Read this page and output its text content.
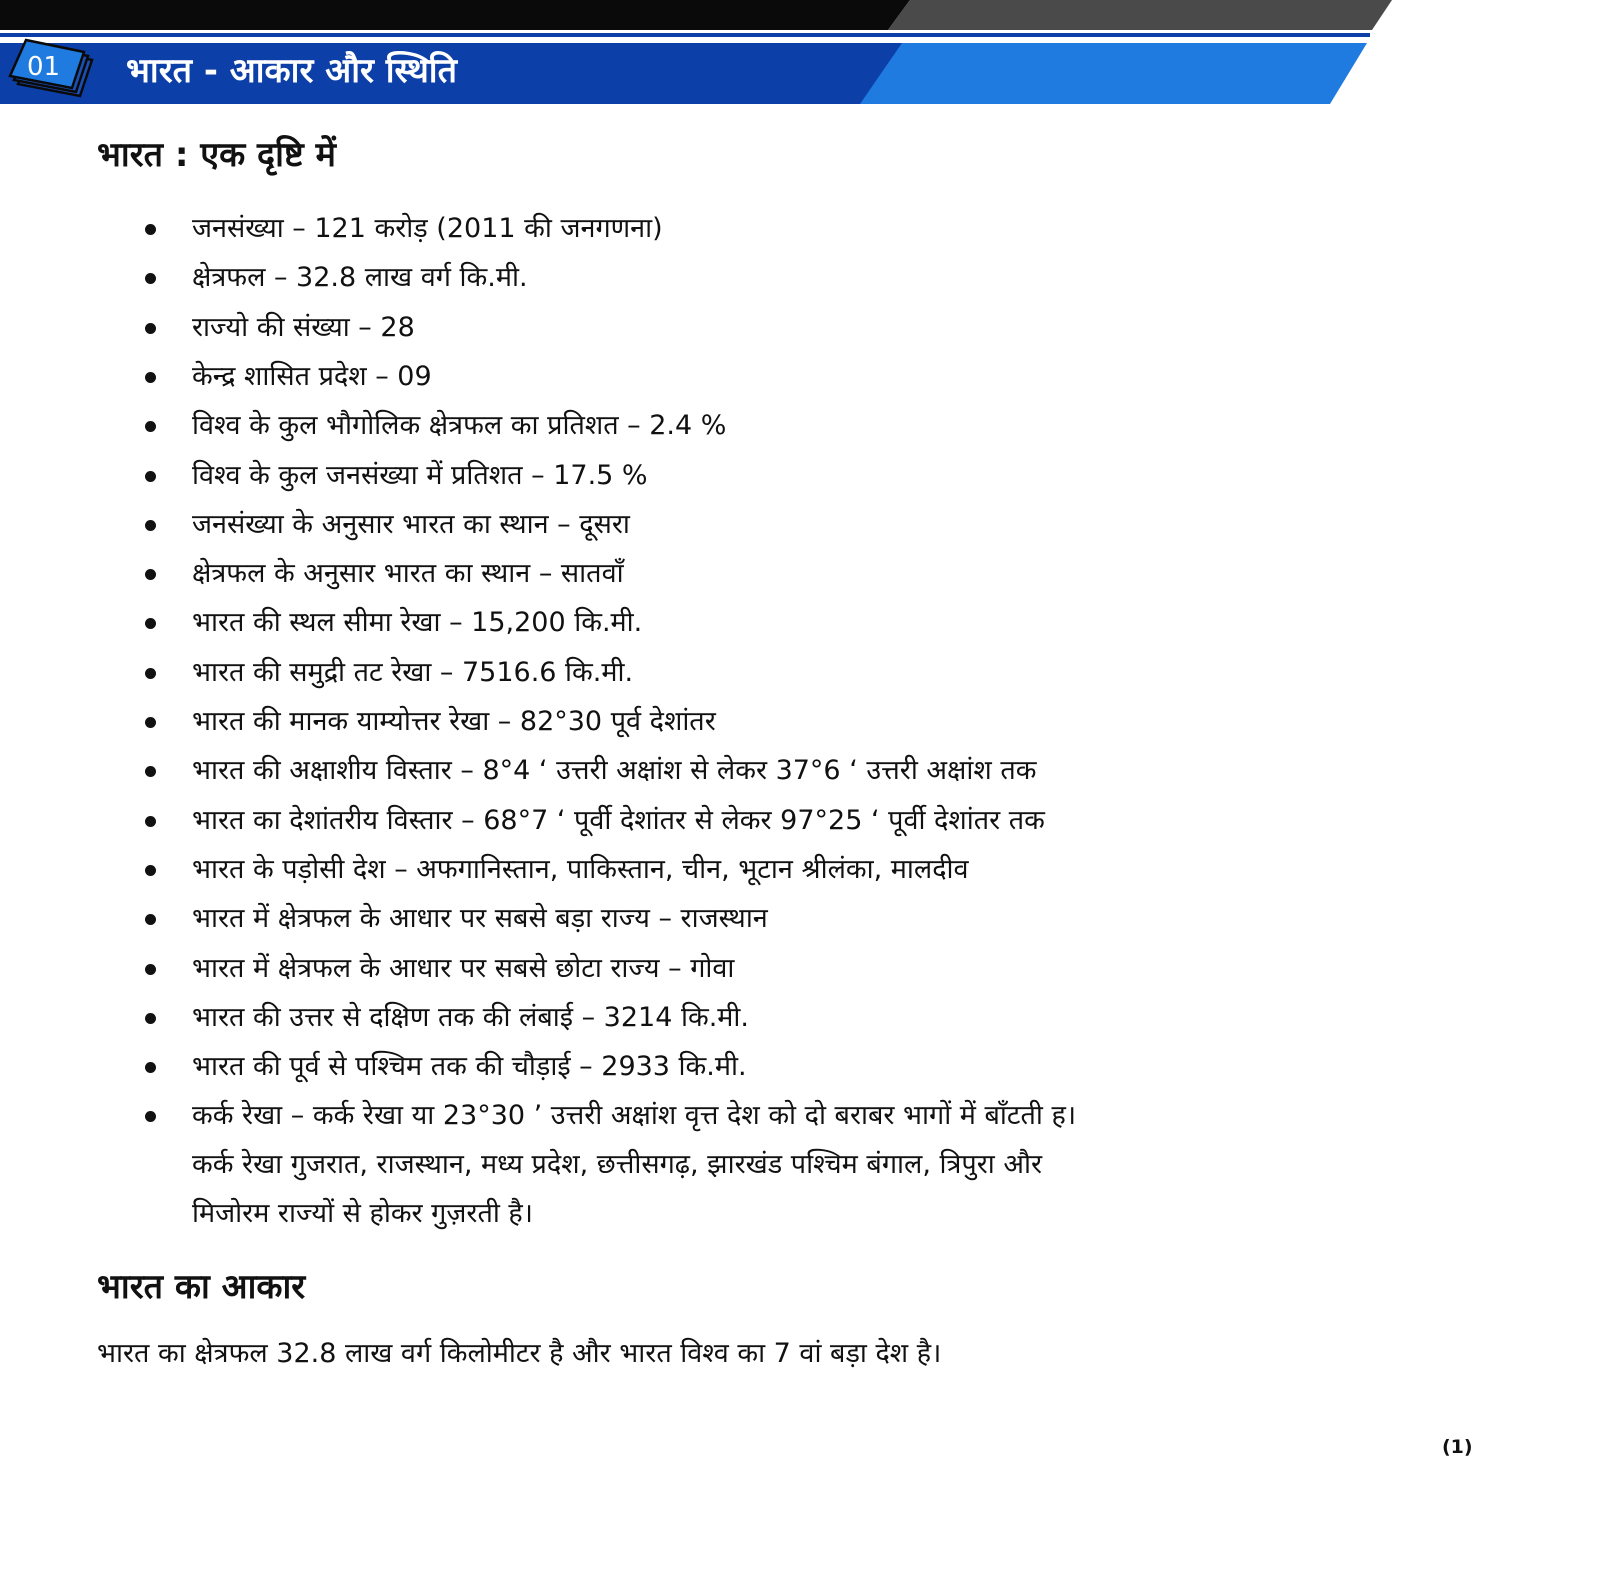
01 भारत - आकार और स्थिति
भारत : एक दृष्टि में
जनसंख्या – 121 करोड़ (2011 की जनगणना)
क्षेत्रफल – 32.8 लाख वर्ग कि.मी.
राज्यो की संख्या – 28
केन्द्र शासित प्रदेश – 09
विश्व के कुल भौगोलिक क्षेत्रफल का प्रतिशत – 2.4 %
विश्व के कुल जनसंख्या में प्रतिशत – 17.5 %
जनसंख्या के अनुसार भारत का स्थान – दूसरा
क्षेत्रफल के अनुसार भारत का स्थान – सातवाँ
भारत की स्थल सीमा रेखा – 15,200 कि.मी.
भारत की समुद्री तट रेखा – 7516.6 कि.मी.
भारत की मानक याम्योत्तर रेखा – 82°30 पूर्व देशांतर
भारत की अक्षाशीय विस्तार – 8°4 ‘ उत्तरी अक्षांश से लेकर 37°6 ‘ उत्तरी अक्षांश तक
भारत का देशांतरीय विस्तार – 68°7 ‘ पूर्वी देशांतर से लेकर 97°25 ‘ पूर्वी देशांतर तक
भारत के पड़ोसी देश – अफगानिस्तान, पाकिस्तान, चीन, भूटान श्रीलंका, मालदीव
भारत में क्षेत्रफल के आधार पर सबसे बड़ा राज्य – राजस्थान
भारत में क्षेत्रफल के आधार पर सबसे छोटा राज्य – गोवा
भारत की उत्तर से दक्षिण तक की लंबाई – 3214 कि.मी.
भारत की पूर्व से पश्चिम तक की चौड़ाई – 2933 कि.मी.
कर्क रेखा – कर्क रेखा या 23°30 ’ उत्तरी अक्षांश वृत्त देश को दो बराबर भागों में बाँटती ह।
कर्क रेखा गुजरात, राजस्थान, मध्य प्रदेश, छत्तीसगढ़, झारखंड पश्चिम बंगाल, त्रिपुरा और
मिजोरम राज्यों से होकर गुज़रती है।
भारत का आकार
भारत का क्षेत्रफल 32.8 लाख वर्ग किलोमीटर है और भारत विश्व का 7 वां बड़ा देश है।
(1)
